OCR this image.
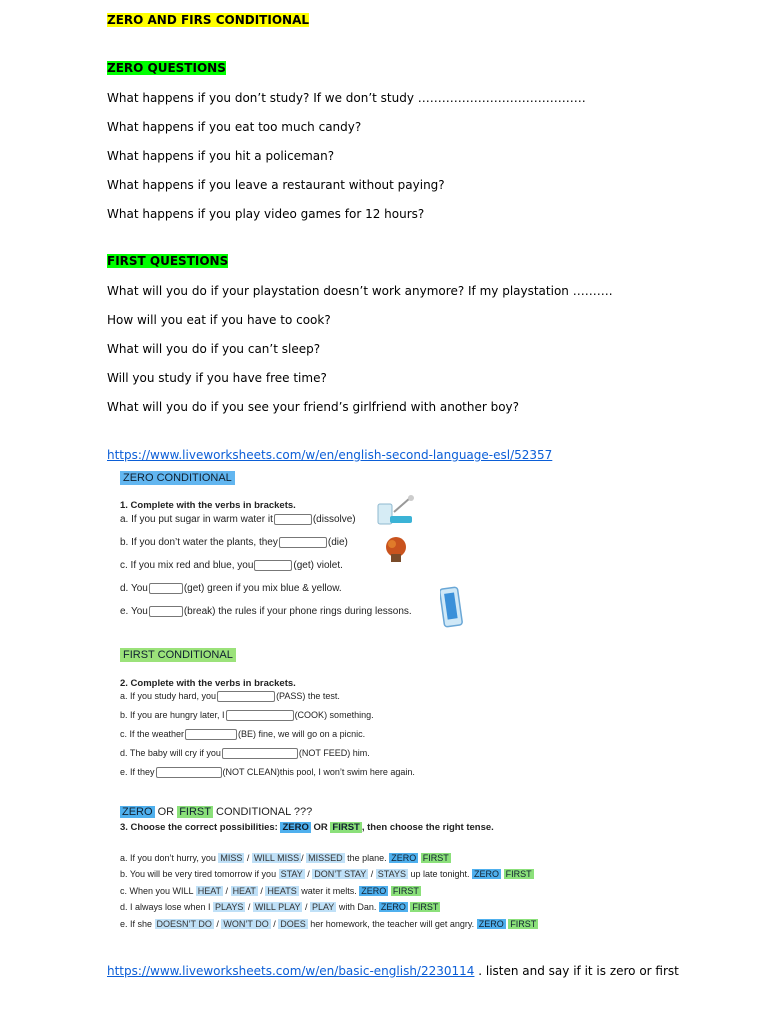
ZERO AND FIRS CONDITIONAL
ZERO QUESTIONS
What happens if you don’t study? If we don’t study ……………………………………
What happens if you eat too much candy?
What happens if you hit a policeman?
What happens if you leave a restaurant without paying?
What happens if you play video games for 12 hours?
FIRST QUESTIONS
What will you do if your playstation doesn’t work anymore? If my playstation ……….
How will you eat if you have to cook?
What will you do if you can’t sleep?
Will you study if you have free time?
What will you do if you see your friend’s girlfriend with another boy?
https://www.liveworksheets.com/w/en/english-second-language-esl/52357
ZERO CONDITIONAL
1. Complete with the verbs in brackets.
a. If you put sugar in warm water it	(dissolve)
b. If you don’t water the plants, they	(die)
c. If you mix red and blue, you	(get) violet.
d. You	(get) green if you mix blue & yellow.
e. You	(break) the rules if your phone rings during lessons.
FIRST CONDITIONAL
2. Complete with the verbs in brackets.
a. If you study hard, you	(PASS) the test.
b. If you are hungry later, I	(COOK) something.
c. If the weather	(BE) fine, we will go on a picnic.
d. The baby will cry if you	(NOT FEED) him.
e. If they	(NOT CLEAN)this pool, I won’t swim here again.
ZERO OR FIRST CONDITIONAL ???
3. Choose the correct possibilities: ZERO OR FIRST , then choose the right tense.
a. If you don’t hurry, you MISS / WILL MISS / MISSED the plane. ZERO FIRST
b. You will be very tired tomorrow if you STAY / DON’T STAY / STAYS up late tonight. ZERO FIRST
c. When you WILL HEAT / HEAT / HEATS water it melts. ZERO FIRST
d. I always lose when I PLAYS / WILL PLAY / PLAY with Dan. ZERO FIRST
e. If she DOESN’T DO / WON’T DO / DOES her homework, the teacher will get angry. ZERO FIRST
https://www.liveworksheets.com/w/en/basic-english/2230114 . listen and say if it is zero or first
